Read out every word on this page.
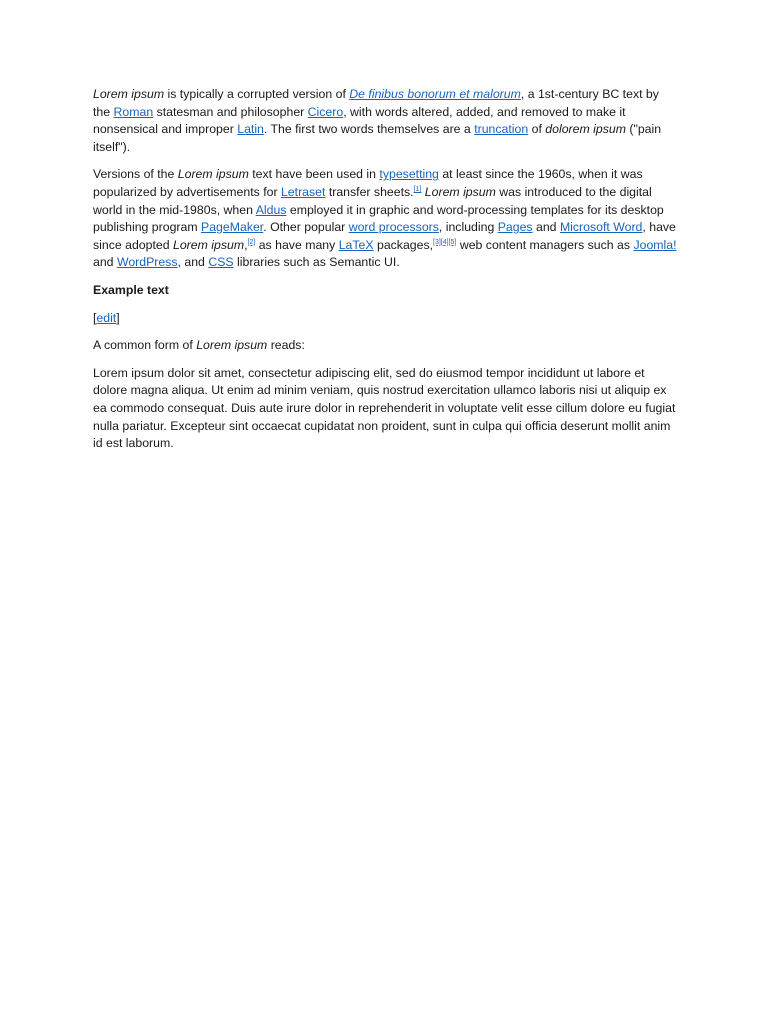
Lorem ipsum is typically a corrupted version of De finibus bonorum et malorum, a 1st-century BC text by the Roman statesman and philosopher Cicero, with words altered, added, and removed to make it nonsensical and improper Latin. The first two words themselves are a truncation of dolorem ipsum ("pain itself").

Versions of the Lorem ipsum text have been used in typesetting at least since the 1960s, when it was popularized by advertisements for Letraset transfer sheets.[1] Lorem ipsum was introduced to the digital world in the mid-1980s, when Aldus employed it in graphic and word-processing templates for its desktop publishing program PageMaker. Other popular word processors, including Pages and Microsoft Word, have since adopted Lorem ipsum,[2] as have many LaTeX packages,[3][4][5] web content managers such as Joomla! and WordPress, and CSS libraries such as Semantic UI.

Example text

[edit]

A common form of Lorem ipsum reads:

Lorem ipsum dolor sit amet, consectetur adipiscing elit, sed do eiusmod tempor incididunt ut labore et dolore magna aliqua. Ut enim ad minim veniam, quis nostrud exercitation ullamco laboris nisi ut aliquip ex ea commodo consequat. Duis aute irure dolor in reprehenderit in voluptate velit esse cillum dolore eu fugiat nulla pariatur. Excepteur sint occaecat cupidatat non proident, sunt in culpa qui officia deserunt mollit anim id est laborum.
